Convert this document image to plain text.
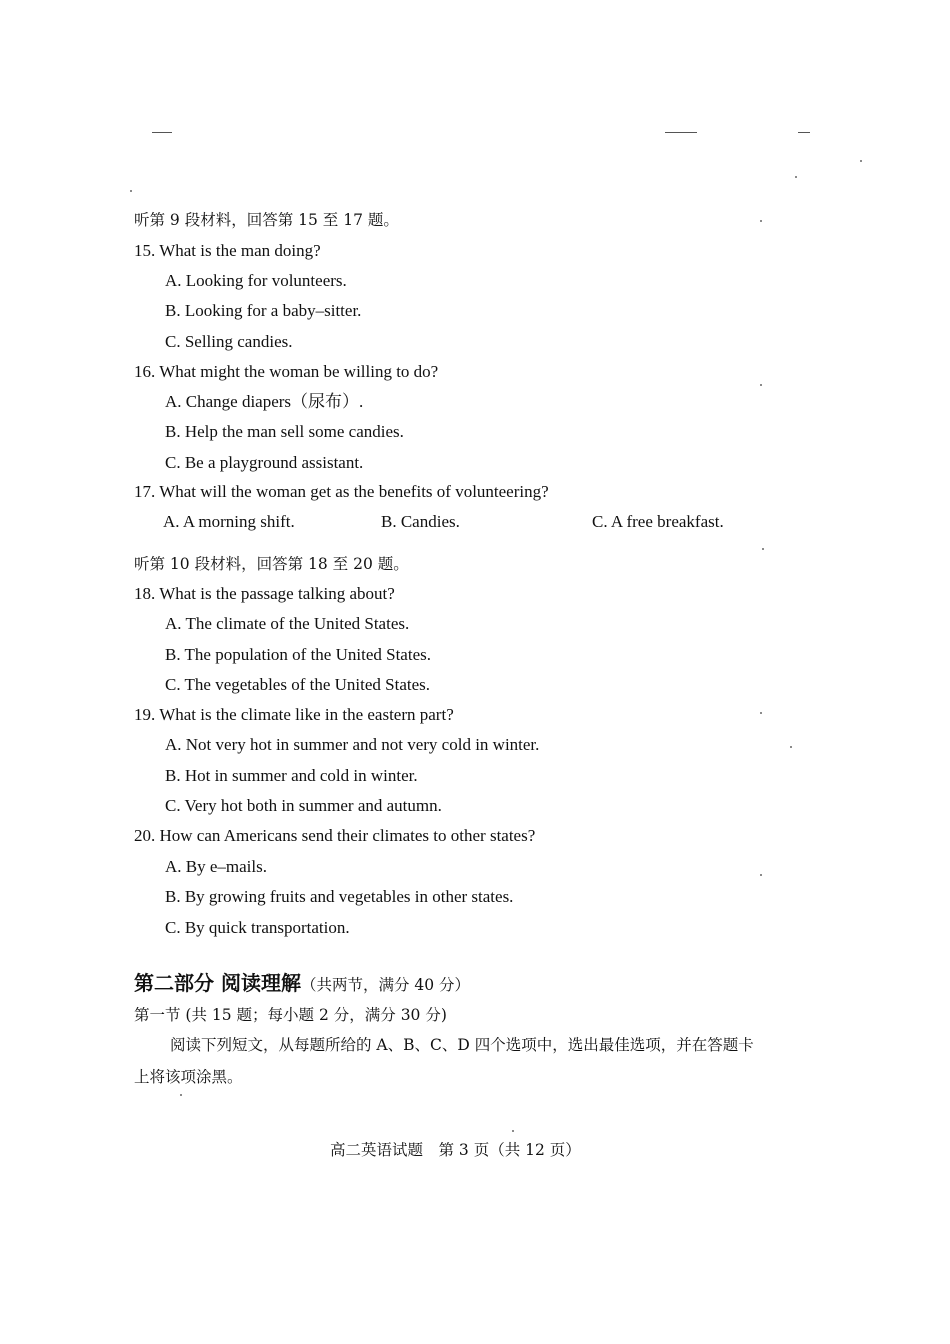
听第 9 段材料，回答第 15 至 17 题。
15. What is the man doing?
A. Looking for volunteers.
B. Looking for a baby–sitter.
C. Selling candies.
16. What might the woman be willing to do?
A. Change diapers（尿布）.
B. Help the man sell some candies.
C. Be a playground assistant.
17. What will the woman get as the benefits of volunteering?
A. A morning shift.	B. Candies.	C. A free breakfast.
听第 10 段材料，回答第 18 至 20 题。
18. What is the passage talking about?
A. The climate of the United States.
B. The population of the United States.
C. The vegetables of the United States.
19. What is the climate like in the eastern part?
A. Not very hot in summer and not very cold in winter.
B. Hot in summer and cold in winter.
C. Very hot both in summer and autumn.
20. How can Americans send their climates to other states?
A. By e–mails.
B. By growing fruits and vegetables in other states.
C. By quick transportation.
第二部分 阅读理解（共两节，满分 40 分）
第一节 (共 15 题；每小题 2 分，满分 30 分)
阅读下列短文，从每题所给的 A、B、C、D 四个选项中，选出最佳选项，并在答题卡
上将该项涂黑。
高二英语试题　第 3 页（共 12 页）
